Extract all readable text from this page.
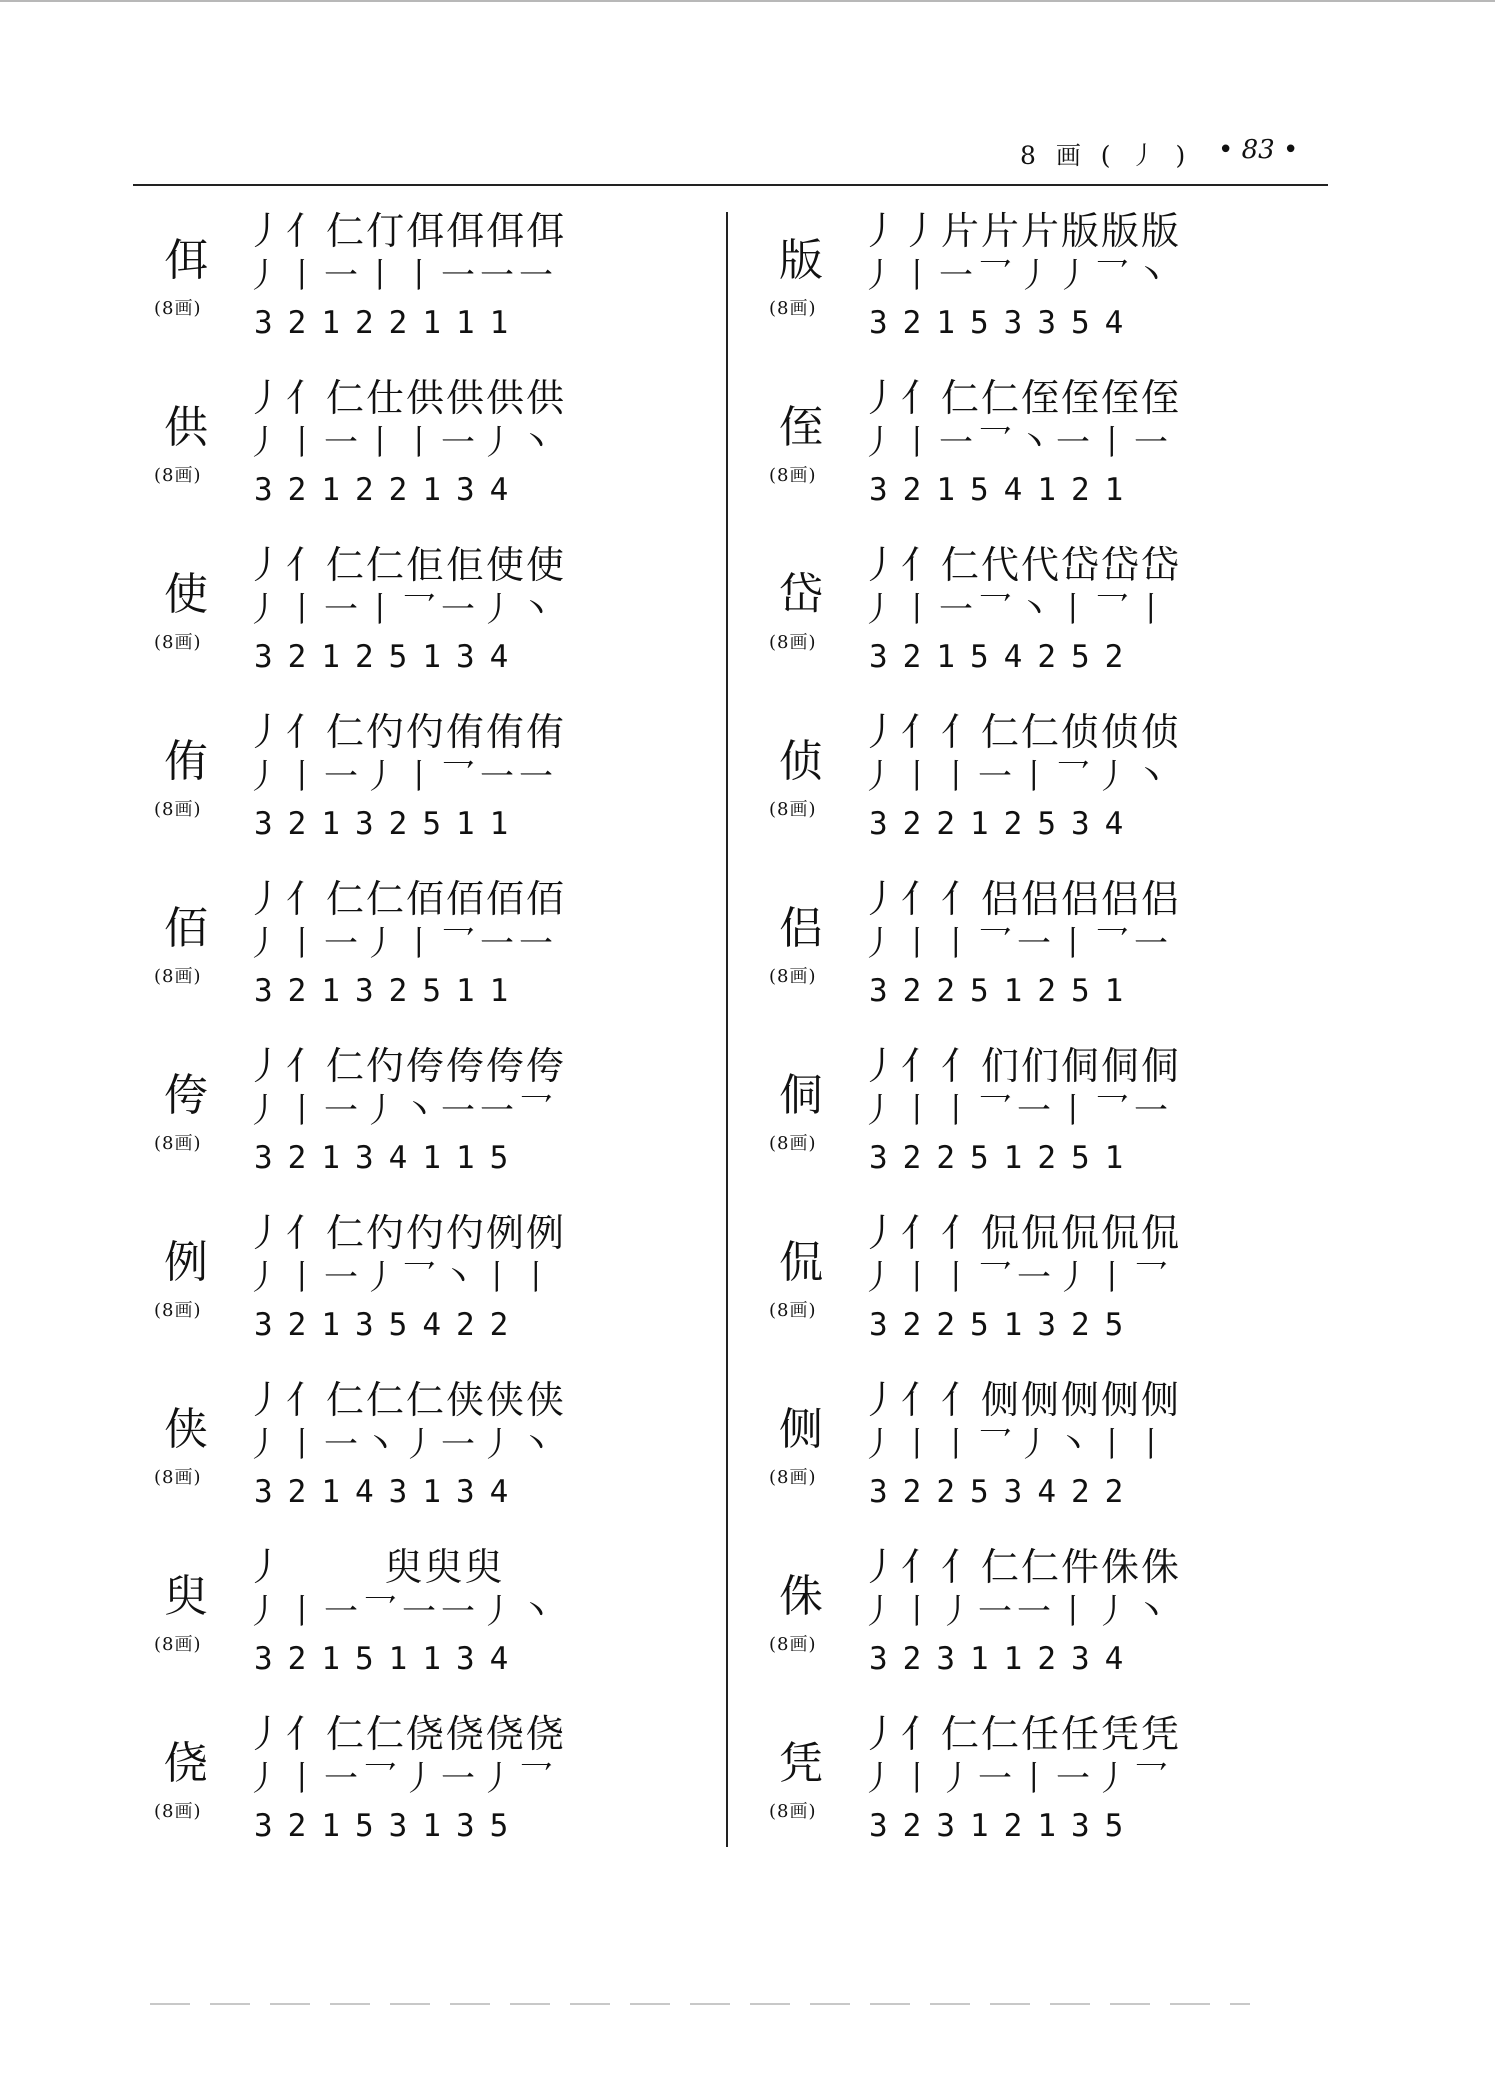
8 画 ( 丿 ) • 83 •
佴
(8画)
丿亻仁仃佴佴佴佴
丿丨一丨丨一一一
32122111
供
(8画)
丿亻仁仕供供供供
丿丨一丨丨一丿丶
32122134
使
(8画)
丿亻仁仁佢佢使使
丿丨一丨乛一丿丶
32125134
侑
(8画)
丿亻仁仢仢侑侑侑
丿丨一丿丨乛一一
32132511
佰
(8画)
丿亻仁仁佰佰佰佰
丿丨一丿丨乛一一
32132511
侉
(8画)
丿亻仁仢侉侉侉侉
丿丨一丿丶一一乛
32134115
例
(8画)
丿亻仁仢仢仢例例
丿丨一丿乛丶丨丨
32135422
侠
(8画)
丿亻仁仁仁侠侠侠
丿丨一丶丿一丿丶
32143134
臾
(8画)
丿       臾臾臾
丿丨一乛一一丿丶
32151134
侥
(8画)
丿亻仁仁侥侥侥侥
丿丨一乛丿一丿乛
32153135
版
(8画)
丿丿片片片版版版
丿丨一乛丿丿乛丶
32153354
侄
(8画)
丿亻仁仁侄侄侄侄
丿丨一乛丶一丨一
32154121
岱
(8画)
丿亻仁代代岱岱岱
丿丨一乛丶丨乛丨
32154252
侦
(8画)
丿亻亻仁仁侦侦侦
丿丨丨一丨乛丿丶
32212534
侣
(8画)
丿亻亻侣侣侣侣侣
丿丨丨乛一丨乛一
32251251
侗
(8画)
丿亻亻们们侗侗侗
丿丨丨乛一丨乛一
32251251
侃
(8画)
丿亻亻侃侃侃侃侃
丿丨丨乛一丿丨乛
32251325
侧
(8画)
丿亻亻侧侧侧侧侧
丿丨丨乛丿丶丨丨
32253422
侏
(8画)
丿亻亻仁仁件侏侏
丿丨丿一一丨丿丶
32311234
凭
(8画)
丿亻仁仁任任凭凭
丿丨丿一丨一丿乛
32312135
